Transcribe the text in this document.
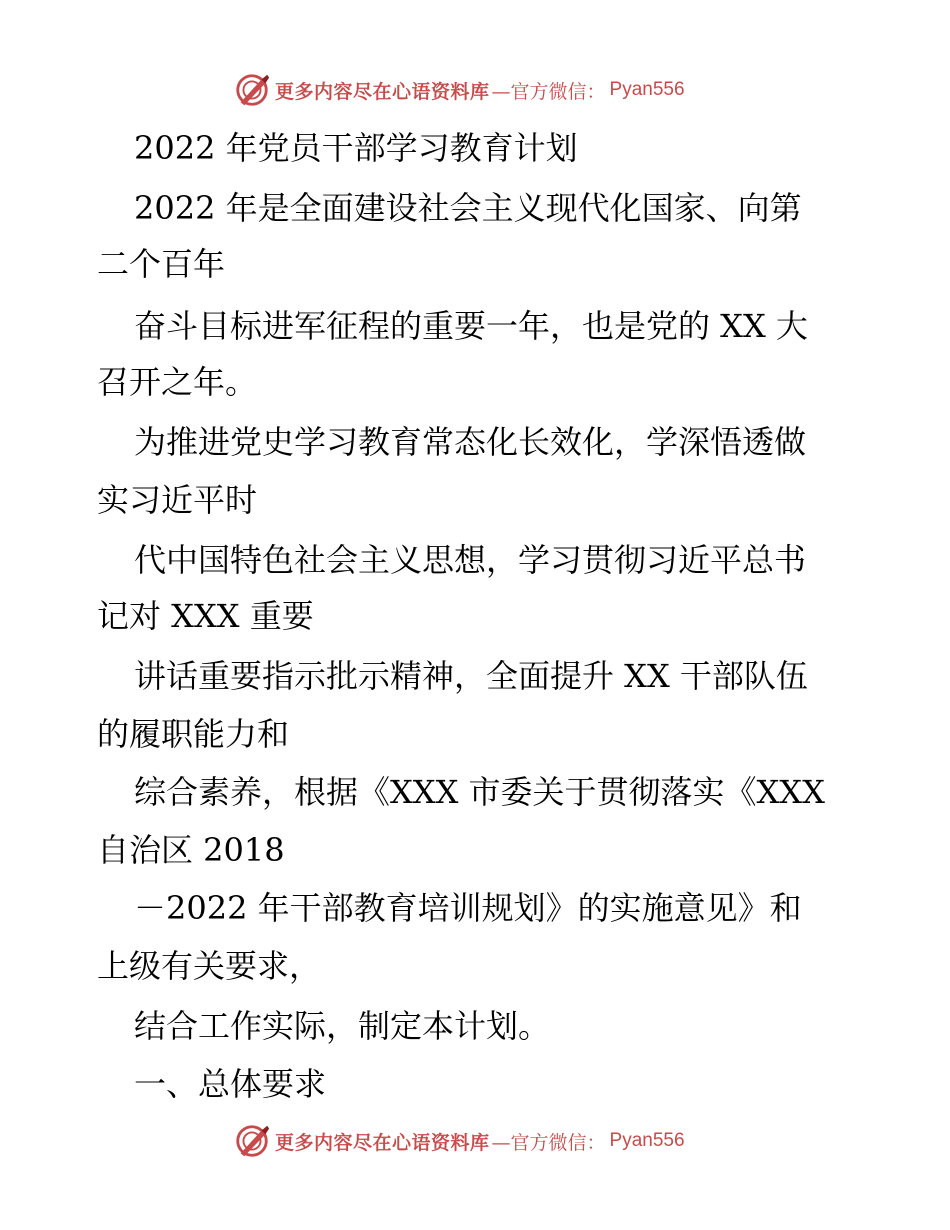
更多内容尽在心语资料库 —官方微信： Pyan556
2022 年党员干部学习教育计划
2022 年是全面建设社会主义现代化国家、向第
二个百年
奋斗目标进军征程的重要一年，也是党的 XX 大
召开之年。
为推进党史学习教育常态化长效化，学深悟透做
实习近平时
代中国特色社会主义思想，学习贯彻习近平总书
记对 XXX 重要
讲话重要指示批示精神，全面提升 XX 干部队伍
的履职能力和
综合素养，根据《XXX 市委关于贯彻落实《XXX
自治区 2018
－2022 年干部教育培训规划》的实施意见》和
上级有关要求，
结合工作实际，制定本计划。
一、总体要求
更多内容尽在心语资料库 —官方微信： Pyan556
